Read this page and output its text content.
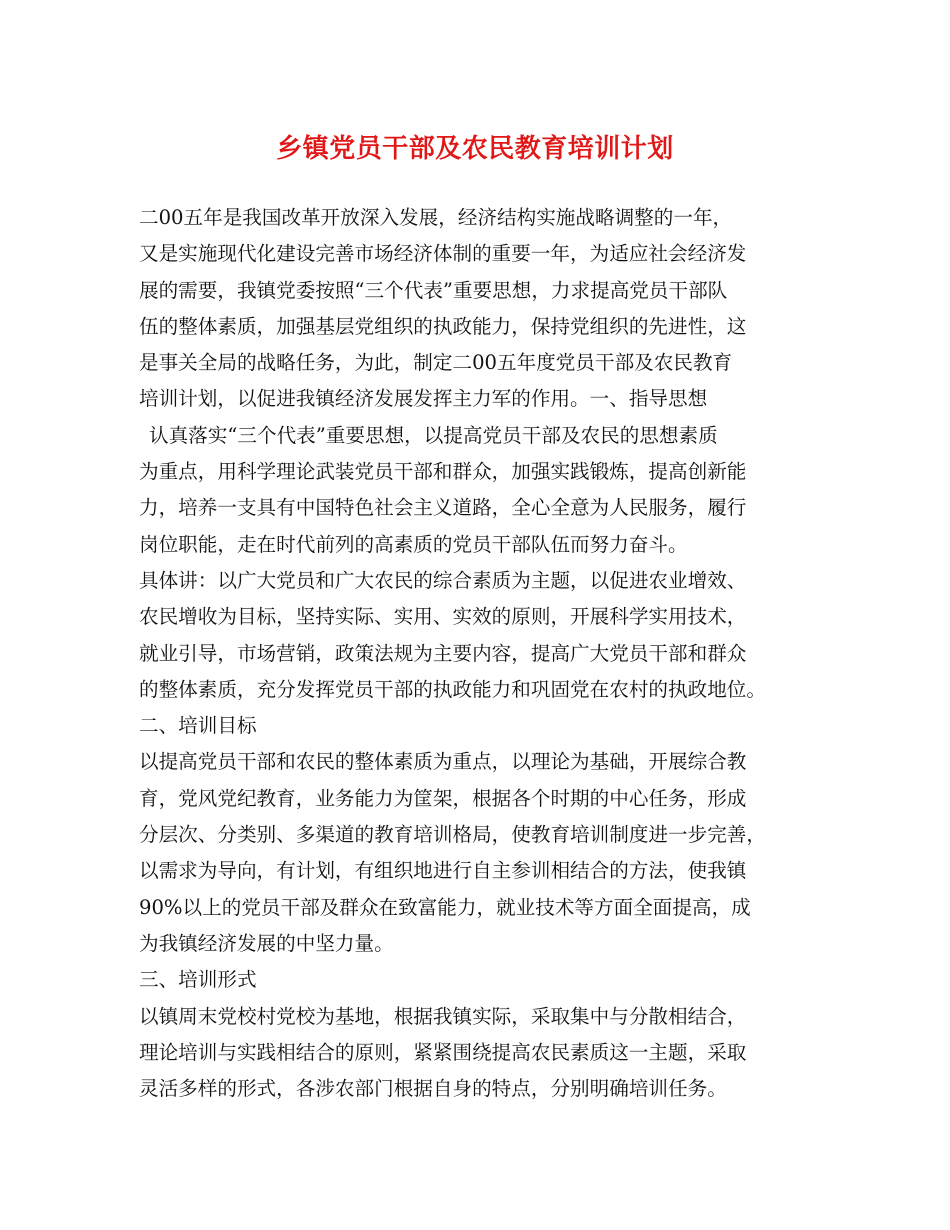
乡镇党员干部及农民教育培训计划
二00五年是我国改革开放深入发展，经济结构实施战略调整的一年，
又是实施现代化建设完善市场经济体制的重要一年，为适应社会经济发
展的需要，我镇党委按照“三个代表”重要思想，力求提高党员干部队
伍的整体素质，加强基层党组织的执政能力，保持党组织的先进性，这
是事关全局的战略任务，为此，制定二00五年度党员干部及农民教育
培训计划，以促进我镇经济发展发挥主力军的作用。一、指导思想
认真落实“三个代表”重要思想，以提高党员干部及农民的思想素质
为重点，用科学理论武装党员干部和群众，加强实践锻炼，提高创新能
力，培养一支具有中国特色社会主义道路，全心全意为人民服务，履行
岗位职能，走在时代前列的高素质的党员干部队伍而努力奋斗。
具体讲：以广大党员和广大农民的综合素质为主题，以促进农业增效、
农民增收为目标，坚持实际、实用、实效的原则，开展科学实用技术，
就业引导，市场营销，政策法规为主要内容，提高广大党员干部和群众
的整体素质，充分发挥党员干部的执政能力和巩固党在农村的执政地位。
二、培训目标
以提高党员干部和农民的整体素质为重点，以理论为基础，开展综合教
育，党风党纪教育，业务能力为筐架，根据各个时期的中心任务，形成
分层次、分类别、多渠道的教育培训格局，使教育培训制度进一步完善，
以需求为导向，有计划，有组织地进行自主参训相结合的方法，使我镇
90%以上的党员干部及群众在致富能力，就业技术等方面全面提高，成
为我镇经济发展的中坚力量。
三、培训形式
以镇周末党校村党校为基地，根据我镇实际，采取集中与分散相结合，
理论培训与实践相结合的原则，紧紧围绕提高农民素质这一主题，采取
灵活多样的形式，各涉农部门根据自身的特点，分别明确培训任务。
